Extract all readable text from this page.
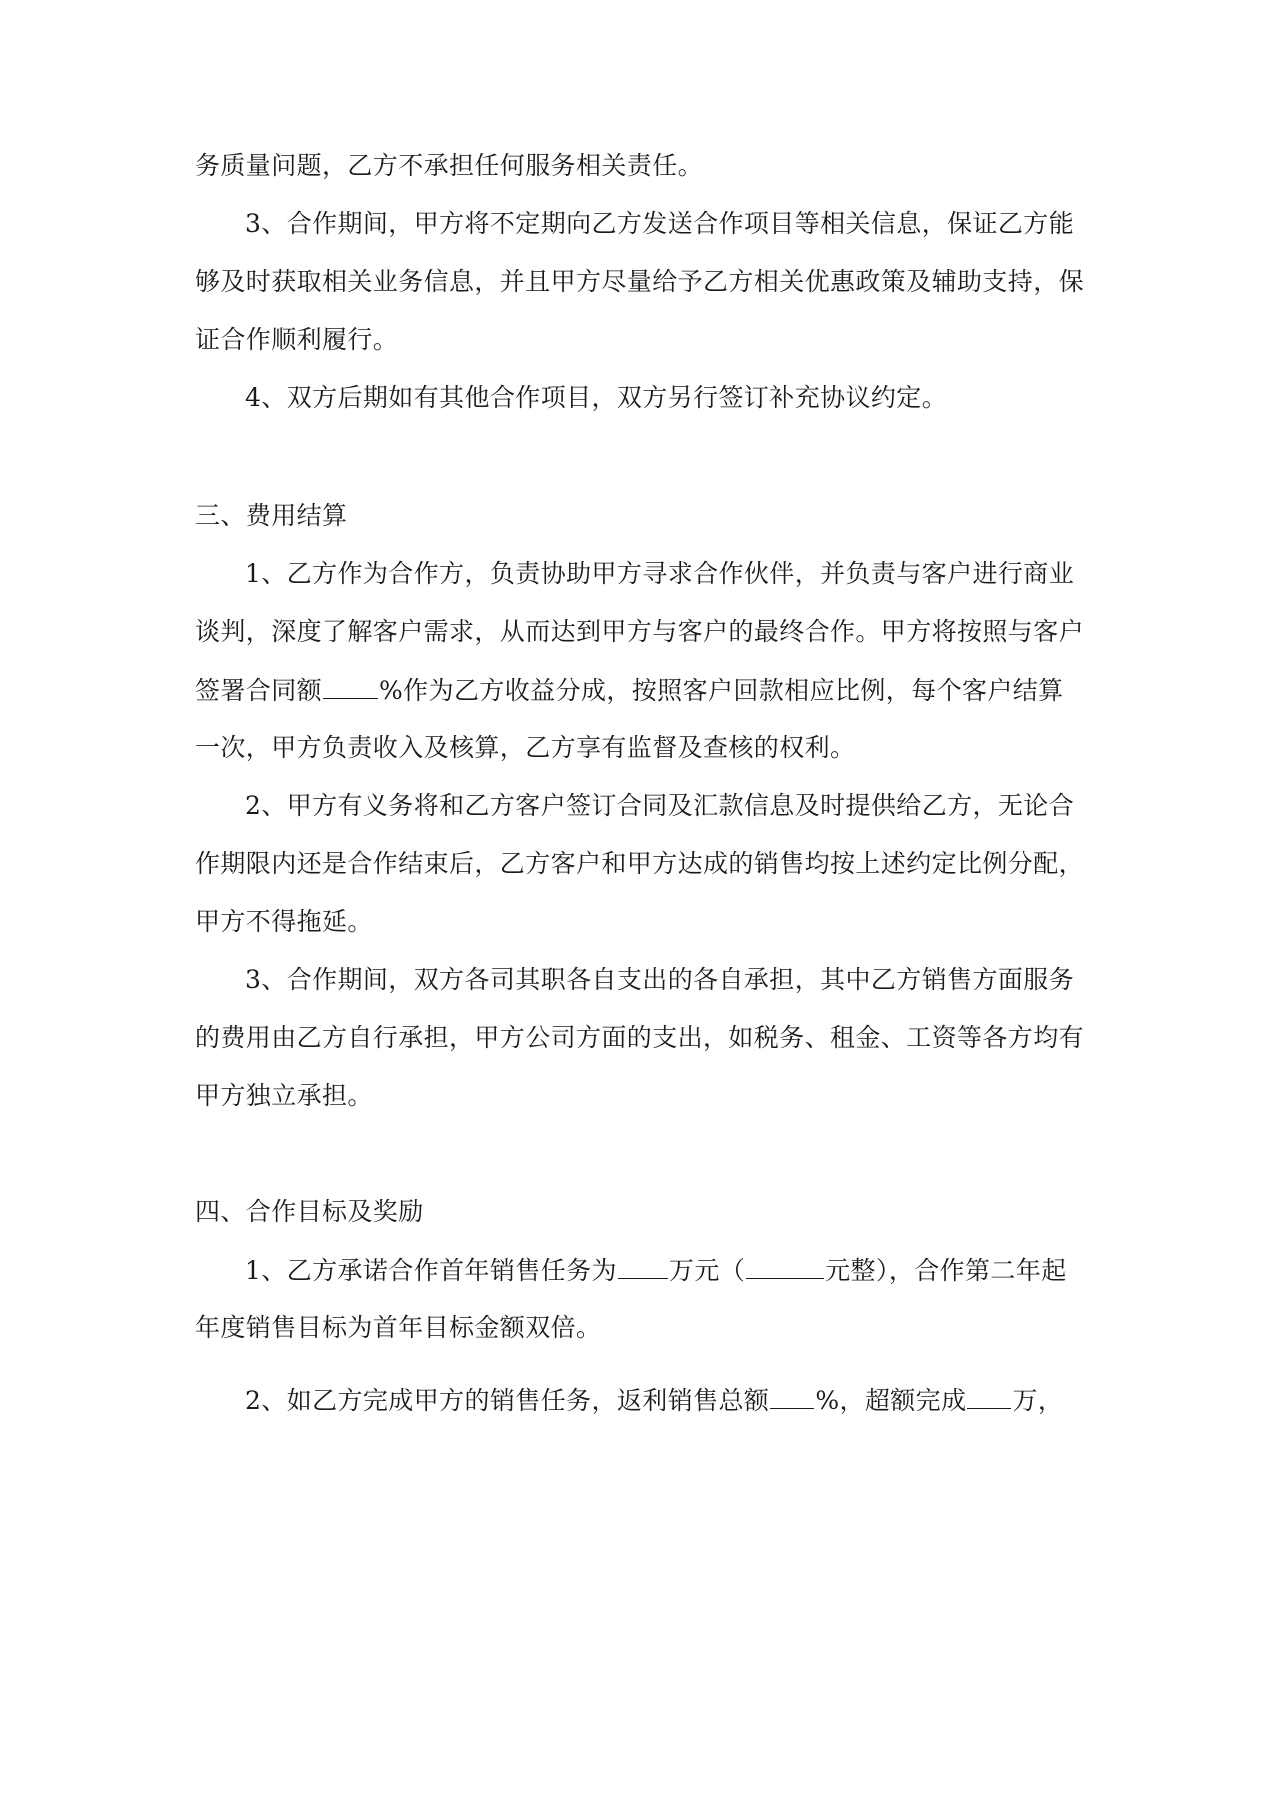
务质量问题，乙方不承担任何服务相关责任。
3、合作期间，甲方将不定期向乙方发送合作项目等相关信息，保证乙方能
够及时获取相关业务信息，并且甲方尽量给予乙方相关优惠政策及辅助支持，保
证合作顺利履行。
4、双方后期如有其他合作项目，双方另行签订补充协议约定。
三、费用结算
1、乙方作为合作方，负责协助甲方寻求合作伙伴，并负责与客户进行商业
谈判，深度了解客户需求，从而达到甲方与客户的最终合作。甲方将按照与客户
签署合同额 %作为乙方收益分成，按照客户回款相应比例，每个客户结算
一次，甲方负责收入及核算，乙方享有监督及查核的权利。
2、甲方有义务将和乙方客户签订合同及汇款信息及时提供给乙方，无论合
作期限内还是合作结束后，乙方客户和甲方达成的销售均按上述约定比例分配，
甲方不得拖延。
3、合作期间，双方各司其职各自支出的各自承担，其中乙方销售方面服务
的费用由乙方自行承担，甲方公司方面的支出，如税务、租金、工资等各方均有
甲方独立承担。
四、合作目标及奖励
1、乙方承诺合作首年销售任务为 万元（	元整），合作第二年起
年度销售目标为首年目标金额双倍。
2、如乙方完成甲方的销售任务，返利销售总额 %，超额完成 万，
